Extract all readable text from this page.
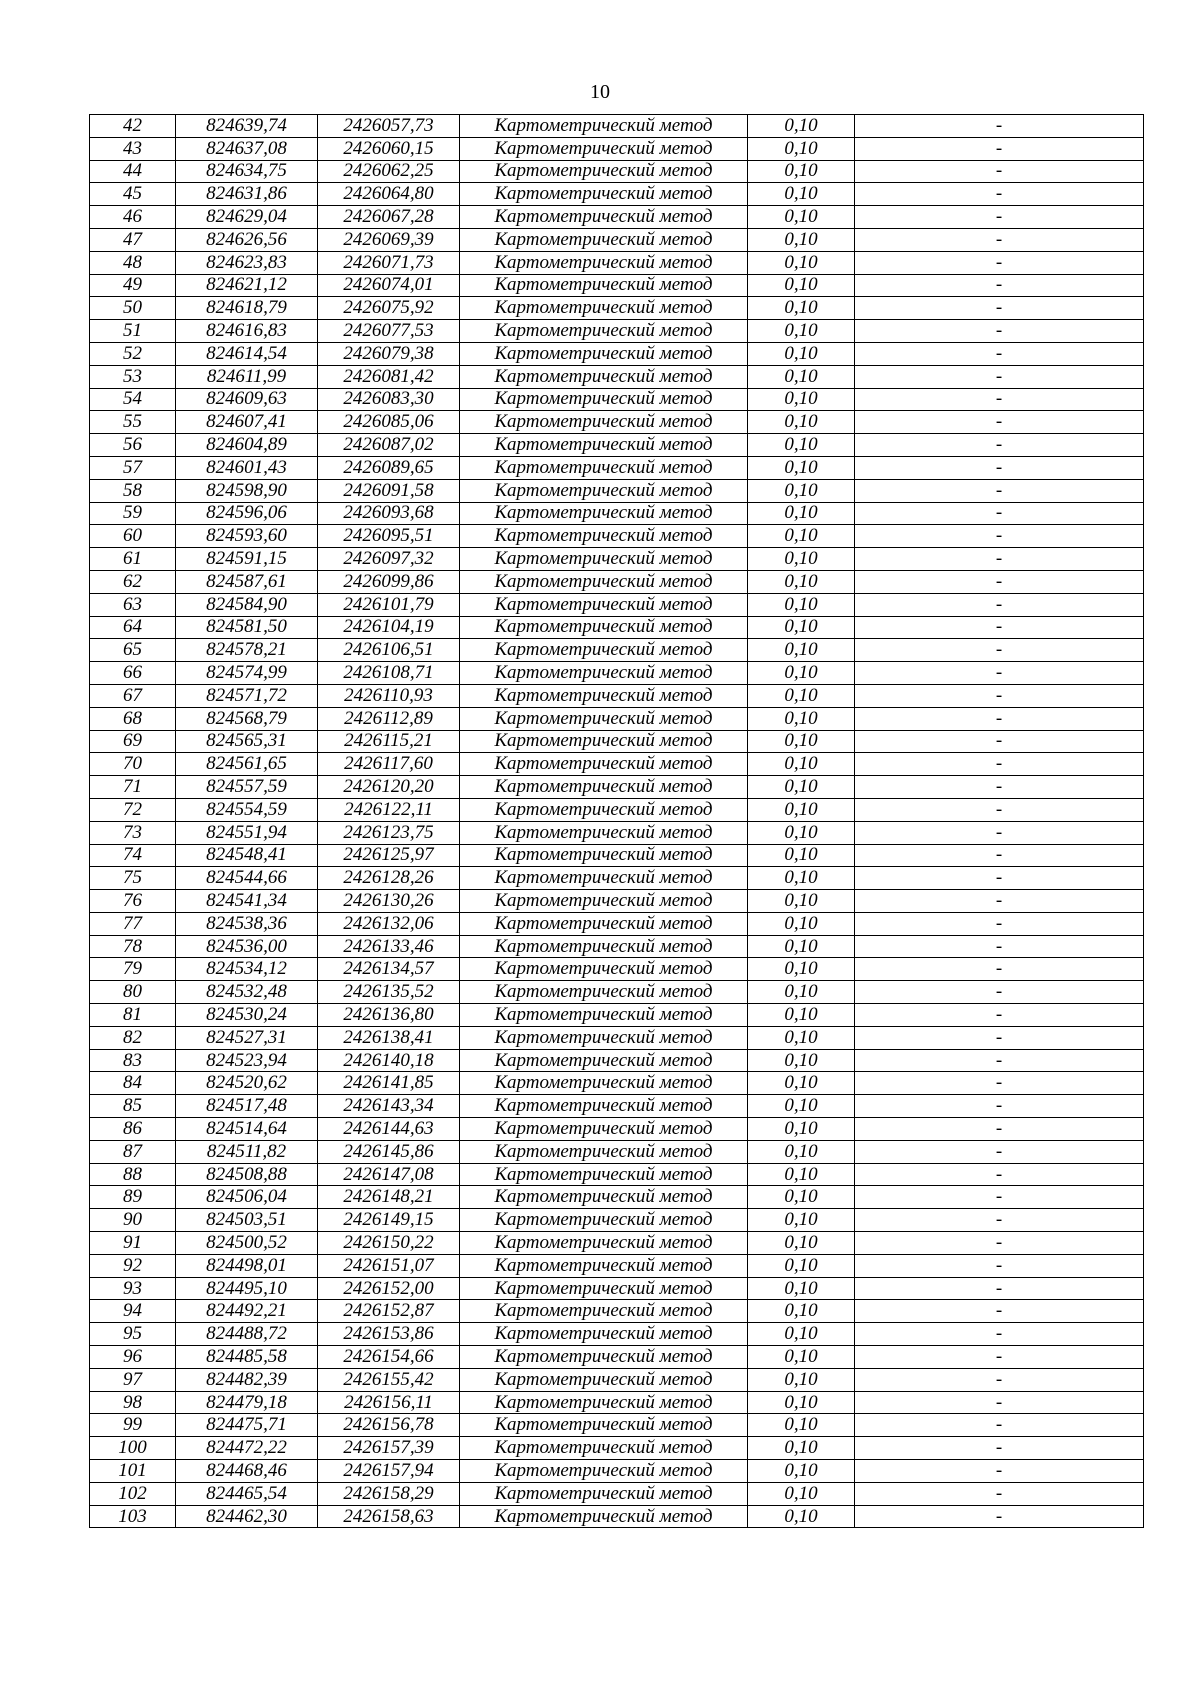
10
42	824639,74	2426057,73	Картометрический метод	0,10	-
43	824637,08	2426060,15	Картометрический метод	0,10	-
44	824634,75	2426062,25	Картометрический метод	0,10	-
45	824631,86	2426064,80	Картометрический метод	0,10	-
46	824629,04	2426067,28	Картометрический метод	0,10	-
47	824626,56	2426069,39	Картометрический метод	0,10	-
48	824623,83	2426071,73	Картометрический метод	0,10	-
49	824621,12	2426074,01	Картометрический метод	0,10	-
50	824618,79	2426075,92	Картометрический метод	0,10	-
51	824616,83	2426077,53	Картометрический метод	0,10	-
52	824614,54	2426079,38	Картометрический метод	0,10	-
53	824611,99	2426081,42	Картометрический метод	0,10	-
54	824609,63	2426083,30	Картометрический метод	0,10	-
55	824607,41	2426085,06	Картометрический метод	0,10	-
56	824604,89	2426087,02	Картометрический метод	0,10	-
57	824601,43	2426089,65	Картометрический метод	0,10	-
58	824598,90	2426091,58	Картометрический метод	0,10	-
59	824596,06	2426093,68	Картометрический метод	0,10	-
60	824593,60	2426095,51	Картометрический метод	0,10	-
61	824591,15	2426097,32	Картометрический метод	0,10	-
62	824587,61	2426099,86	Картометрический метод	0,10	-
63	824584,90	2426101,79	Картометрический метод	0,10	-
64	824581,50	2426104,19	Картометрический метод	0,10	-
65	824578,21	2426106,51	Картометрический метод	0,10	-
66	824574,99	2426108,71	Картометрический метод	0,10	-
67	824571,72	2426110,93	Картометрический метод	0,10	-
68	824568,79	2426112,89	Картометрический метод	0,10	-
69	824565,31	2426115,21	Картометрический метод	0,10	-
70	824561,65	2426117,60	Картометрический метод	0,10	-
71	824557,59	2426120,20	Картометрический метод	0,10	-
72	824554,59	2426122,11	Картометрический метод	0,10	-
73	824551,94	2426123,75	Картометрический метод	0,10	-
74	824548,41	2426125,97	Картометрический метод	0,10	-
75	824544,66	2426128,26	Картометрический метод	0,10	-
76	824541,34	2426130,26	Картометрический метод	0,10	-
77	824538,36	2426132,06	Картометрический метод	0,10	-
78	824536,00	2426133,46	Картометрический метод	0,10	-
79	824534,12	2426134,57	Картометрический метод	0,10	-
80	824532,48	2426135,52	Картометрический метод	0,10	-
81	824530,24	2426136,80	Картометрический метод	0,10	-
82	824527,31	2426138,41	Картометрический метод	0,10	-
83	824523,94	2426140,18	Картометрический метод	0,10	-
84	824520,62	2426141,85	Картометрический метод	0,10	-
85	824517,48	2426143,34	Картометрический метод	0,10	-
86	824514,64	2426144,63	Картометрический метод	0,10	-
87	824511,82	2426145,86	Картометрический метод	0,10	-
88	824508,88	2426147,08	Картометрический метод	0,10	-
89	824506,04	2426148,21	Картометрический метод	0,10	-
90	824503,51	2426149,15	Картометрический метод	0,10	-
91	824500,52	2426150,22	Картометрический метод	0,10	-
92	824498,01	2426151,07	Картометрический метод	0,10	-
93	824495,10	2426152,00	Картометрический метод	0,10	-
94	824492,21	2426152,87	Картометрический метод	0,10	-
95	824488,72	2426153,86	Картометрический метод	0,10	-
96	824485,58	2426154,66	Картометрический метод	0,10	-
97	824482,39	2426155,42	Картометрический метод	0,10	-
98	824479,18	2426156,11	Картометрический метод	0,10	-
99	824475,71	2426156,78	Картометрический метод	0,10	-
100	824472,22	2426157,39	Картометрический метод	0,10	-
101	824468,46	2426157,94	Картометрический метод	0,10	-
102	824465,54	2426158,29	Картометрический метод	0,10	-
103	824462,30	2426158,63	Картометрический метод	0,10	-
